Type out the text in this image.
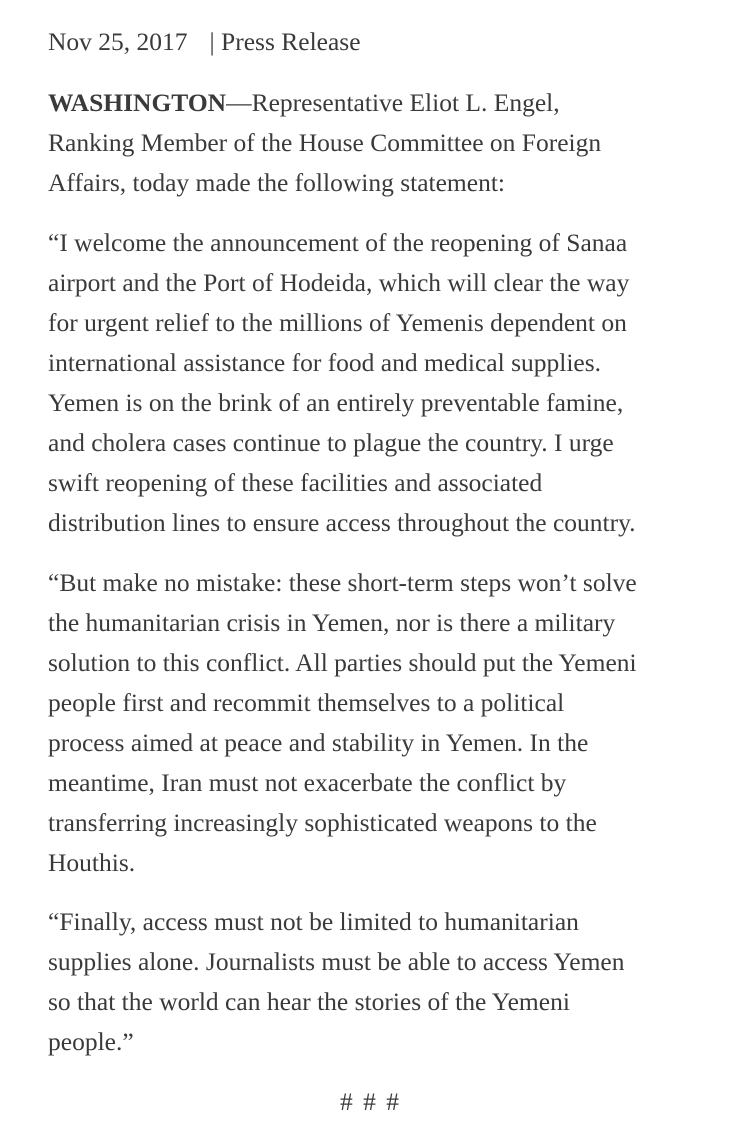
Nov 25, 2017 | Press Release
WASHINGTON—Representative Eliot L. Engel,
Ranking Member of the House Committee on Foreign
Affairs, today made the following statement:
“I welcome the announcement of the reopening of Sanaa
airport and the Port of Hodeida, which will clear the way
for urgent relief to the millions of Yemenis dependent on
international assistance for food and medical supplies.
Yemen is on the brink of an entirely preventable famine,
and cholera cases continue to plague the country. I urge
swift reopening of these facilities and associated
distribution lines to ensure access throughout the country.
“But make no mistake: these short-term steps won’t solve
the humanitarian crisis in Yemen, nor is there a military
solution to this conflict. All parties should put the Yemeni
people first and recommit themselves to a political
process aimed at peace and stability in Yemen. In the
meantime, Iran must not exacerbate the conflict by
transferring increasingly sophisticated weapons to the
Houthis.
“Finally, access must not be limited to humanitarian
supplies alone. Journalists must be able to access Yemen
so that the world can hear the stories of the Yemeni
people.”
# # #
